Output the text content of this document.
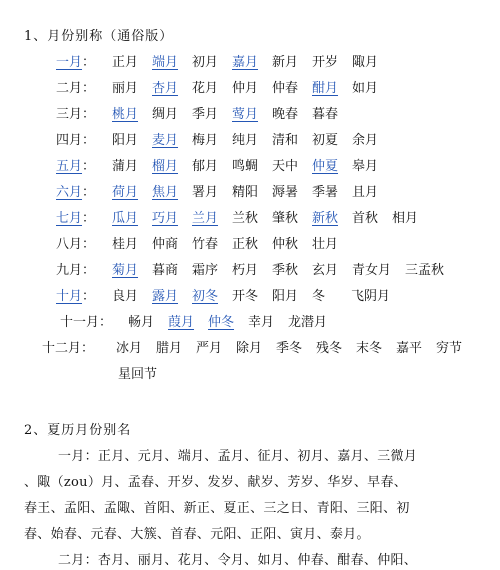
1、月份别称（通俗版）
一月： 正月 端月 初月 嘉月 新月 开岁 陬月
二月： 丽月 杏月 花月 仲月 仲春 酣月 如月
三月： 桃月 绸月 季月 莺月 晚春 暮春
四月： 阳月 麦月 梅月 纯月 清和 初夏 余月
五月： 蒲月 榴月 郁月 鸣蜩 天中 仲夏 皋月
六月： 荷月 焦月 署月 精阳 溽暑 季暑 且月
七月： 瓜月 巧月 兰月 兰秋 肇秋 新秋 首秋 相月
八月： 桂月 仲商 竹春 正秋 仲秋 壮月
九月： 菊月 暮商 霜序 朽月 季秋 玄月 青女月 三孟秋
十月： 良月 露月 初冬 开冬 阳月 冬 飞阴月
十一月： 畅月 葭月 仲冬 幸月 龙潜月
十二月： 冰月 腊月 严月 除月 季冬 残冬 末冬 嘉平 穷节
星回节
2、夏历月份别名
一月：正月、元月、端月、孟月、征月、初月、嘉月、三微月
、陬（zou）月、孟春、开岁、发岁、献岁、芳岁、华岁、早春、
春王、孟阳、孟陬、首阳、新正、夏正、三之日、青阳、三阳、初
春、始春、元春、大簇、首春、元阳、正阳、寅月、泰月。
二月：杏月、丽月、花月、令月、如月、仲春、酣春、仲阳、
